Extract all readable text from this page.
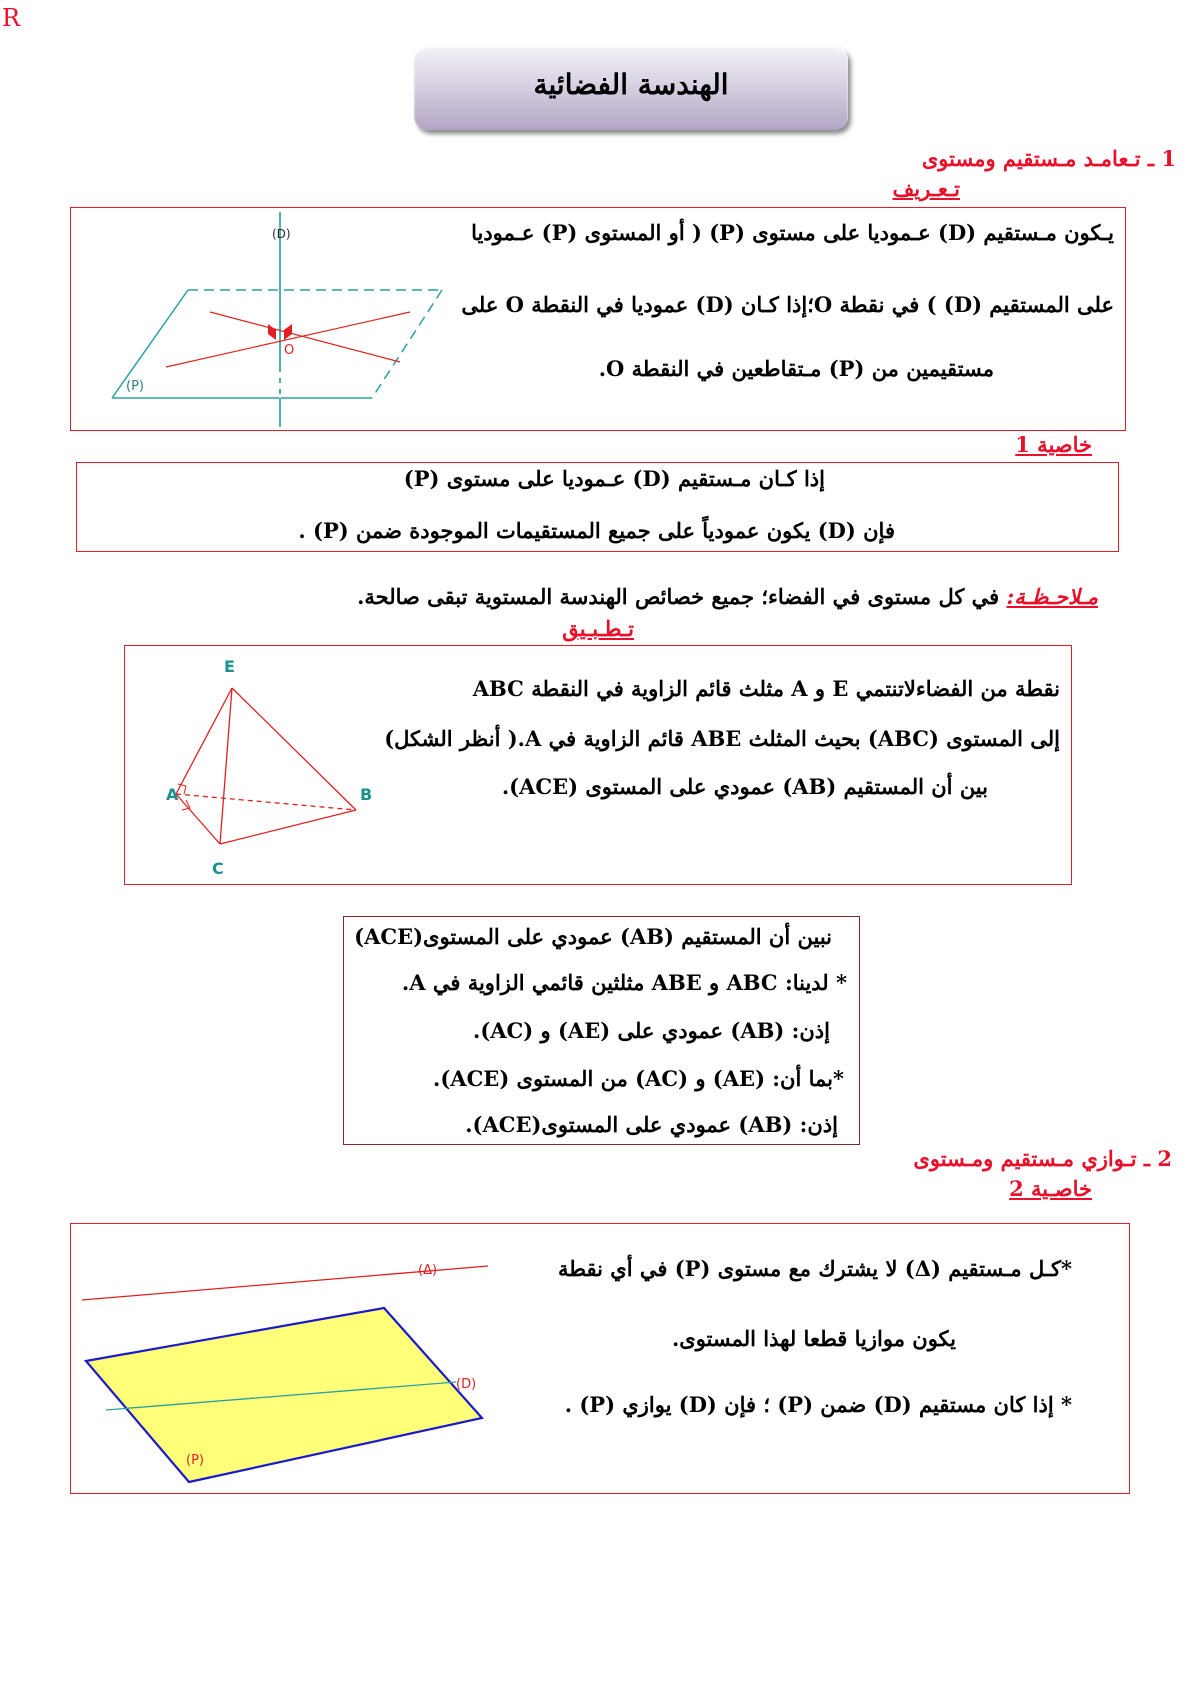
R
الهندسة الفضائية
1 ـ تـعامـد مـستقيم ومستوى
تـعـريف
يـكون مـستقيم (D) عـموديا على مستوى (P) ( أو المستوى (P) عـموديا
على المستقيم (D) ) في نقطة O؛إذا كـان (D) عموديا في النقطة O على
مستقيمين من (P) مـتقاطعين في النقطة O.
(D)
O
(P)
خاصية 1
إذا كـان مـستقيم (D) عـموديا على مستوى (P)
فإن (D) يكون عمودياً على جميع المستقيمات الموجودة ضمن (P) .
مـلاحـظـة: في كل مستوى في الفضاء؛ جميع خصائص الهندسة المستوية تبقى صالحة.
تـطـبـيق
ABC مثلث قائم الزاوية في النقطة A و E نقطة من الفضاءلاتنتمي
إلى المستوى (ABC) بحيث المثلث ABE قائم الزاوية في A.( أنظر الشكل)
بين أن المستقيم (AB) عمودي على المستوى (ACE).
E
A	B
C
نبين أن المستقيم (AB) عمودي على المستوى(ACE)
* لدينا: ABC و ABE مثلثين قائمي الزاوية في A.
إذن: (AB) عمودي على (AE) و (AC).
*بما أن: (AE) و (AC) من المستوى (ACE).
إذن: (AB) عمودي على المستوى(ACE).
2 ـ تـوازي مـستقيم ومـستوى
خاصـية 2
*كـل مـستقيم (Δ) لا يشترك مع مستوى (P) في أي نقطة
يكون موازيا قطعا لهذا المستوى.
* إذا كان مستقيم (D) ضمن (P) ؛ فإن (D) يوازي (P) .
(Δ)
(D)
(P)
